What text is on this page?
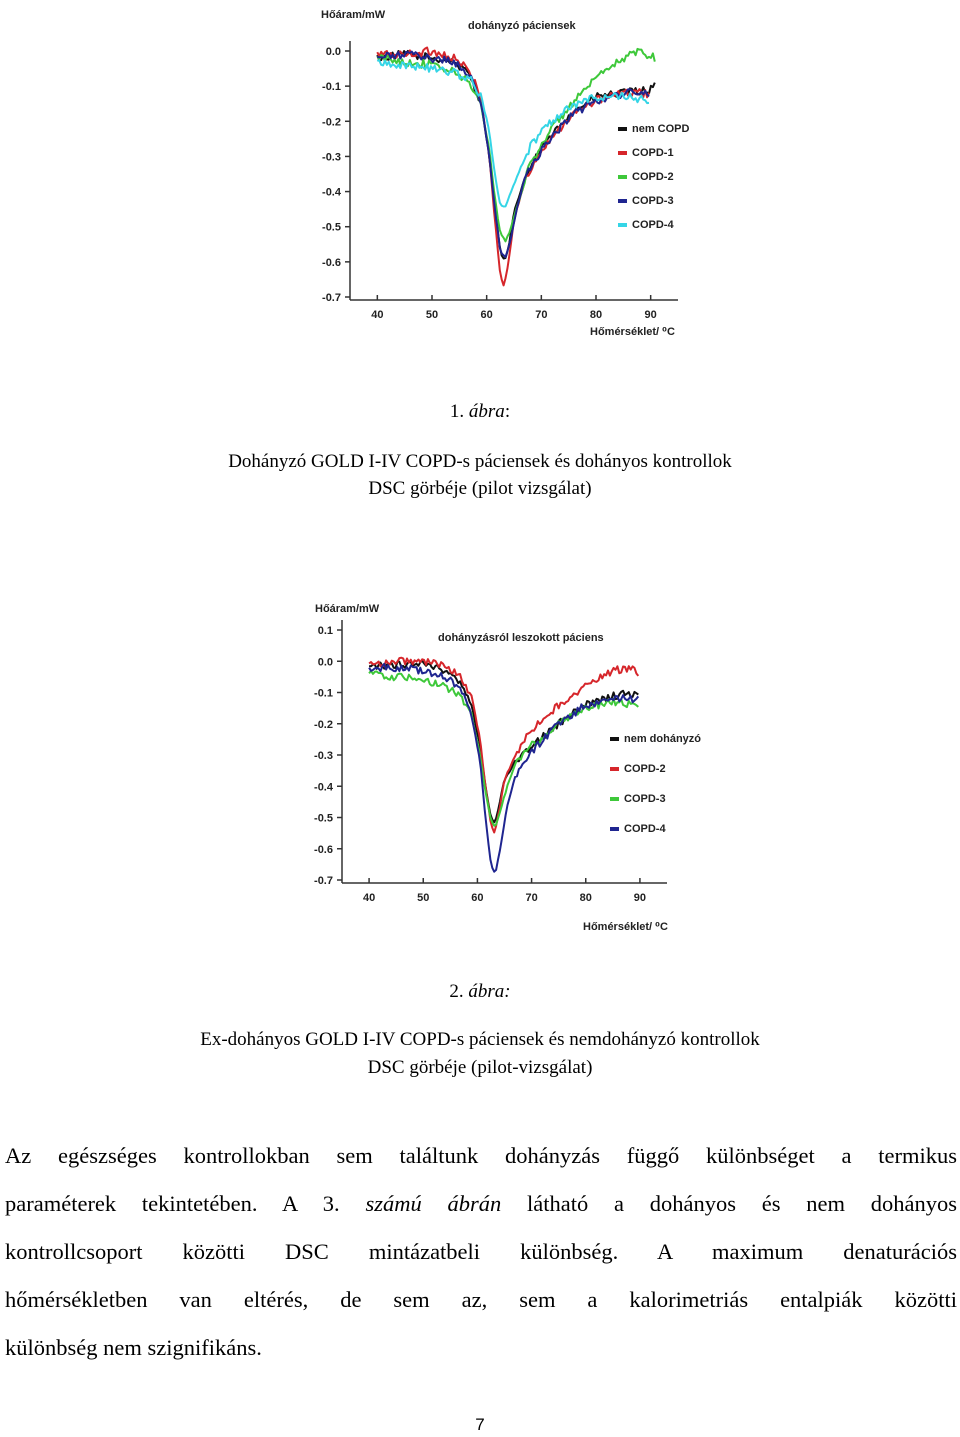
0.0
-0.1
-0.2
-0.3
-0.4
-0.5
-0.6
-0.7
40	50	60	70	80	90
Hőáram/mW
dohányzó páciensek
Hőmérséklet/ ⁰C
nem COPD
COPD-1
COPD-2
COPD-3
COPD-4
1. ábra:
Dohányzó GOLD I-IV COPD-s páciensek és dohányos kontrollok
DSC görbéje (pilot vizsgálat)
0.1
0.0
-0.1
-0.2
-0.3
-0.4
-0.5
-0.6
-0.7
40	50	60	70	80	90
Hőáram/mW
dohányzásról leszokott páciens
Hőmérséklet/ ⁰C
nem dohányzó
COPD-2
COPD-3
COPD-4
2. ábra:
Ex-dohányos GOLD I-IV COPD-s páciensek és nemdohányzó kontrollok
DSC görbéje (pilot-vizsgálat)
Az egészséges kontrollokban sem találtunk dohányzás függő különbséget a termikus
paraméterek tekintetében. A 3. számú ábrán látható a dohányos és nem dohányos
kontrollcsoport közötti DSC mintázatbeli különbség. A maximum denaturációs
hőmérsékletben van eltérés, de sem az, sem a kalorimetriás entalpiák közötti
különbség nem szignifikáns.
7
